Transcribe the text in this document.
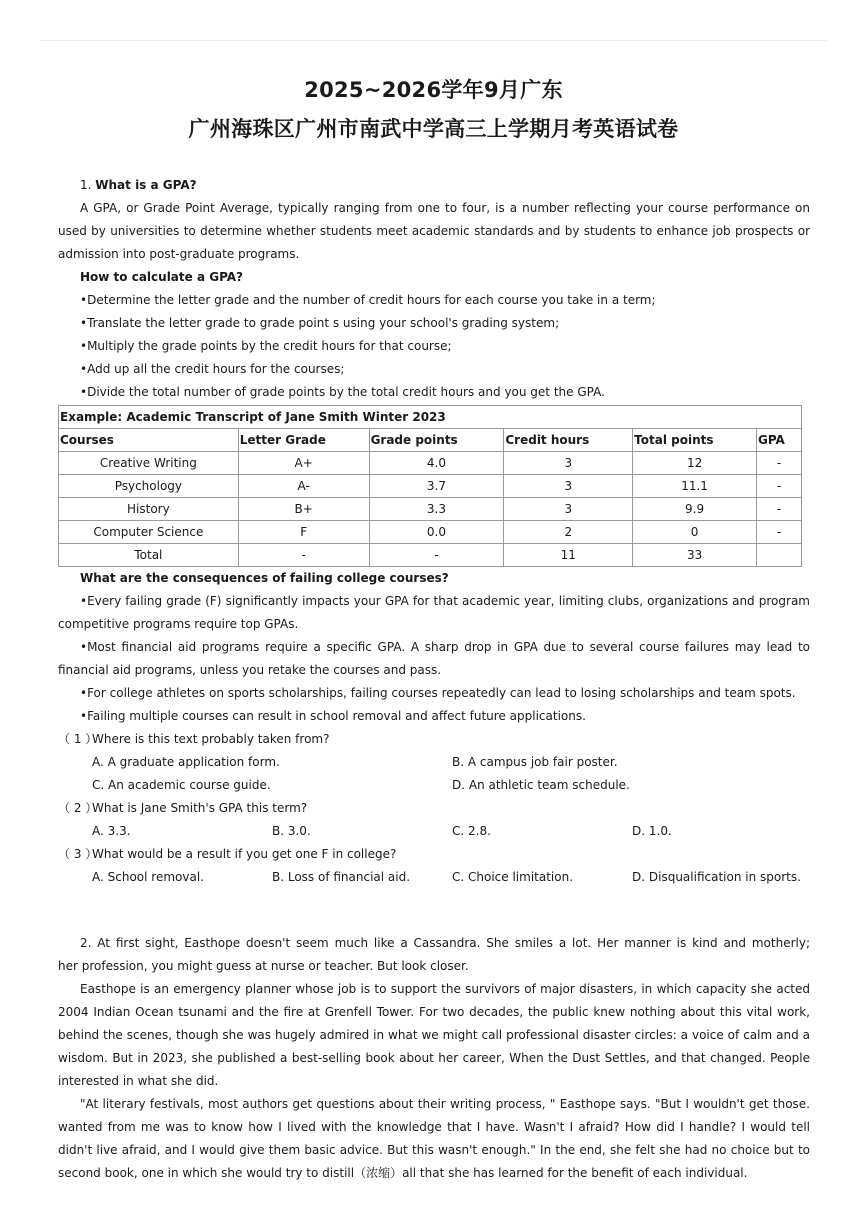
2025~2026学年9月广东
广州海珠区广州市南武中学高三上学期月考英语试卷
1. What is a GPA?
A GPA, or Grade Point Average, typically ranging from one to four, is a number reflecting your course performance on
used by universities to determine whether students meet academic standards and by students to enhance job prospects or
admission into post-graduate programs.
How to calculate a GPA?
•Determine the letter grade and the number of credit hours for each course you take in a term;
•Translate the letter grade to grade point s using your school's grading system;
•Multiply the grade points by the credit hours for that course;
•Add up all the credit hours for the courses;
•Divide the total number of grade points by the total credit hours and you get the GPA.
Example: Academic Transcript of Jane Smith Winter 2023					
Courses	Letter Grade	Grade points	Credit hours	Total points	GPA
Creative Writing	A+	4.0	3	12	-
Psychology	A-	3.7	3	11.1	-
History	B+	3.3	3	9.9	-
Computer Science	F	0.0	2	0	-
Total	-	-	11	33	
What are the consequences of failing college courses?
•Every failing grade (F) significantly impacts your GPA for that academic year, limiting clubs, organizations and program
competitive programs require top GPAs.
•Most financial aid programs require a specific GPA. A sharp drop in GPA due to several course failures may lead to
financial aid programs, unless you retake the courses and pass.
•For college athletes on sports scholarships, failing courses repeatedly can lead to losing scholarships and team spots.
•Failing multiple courses can result in school removal and affect future applications.
（ 1 ）
Where is this text probably taken from?
A. A graduate application form.	B. A campus job fair poster.
C. An academic course guide.	D. An athletic team schedule.
（ 2 ）
What is Jane Smith's GPA this term?
A. 3.3.	B. 3.0.	C. 2.8.	D. 1.0.
（ 3 ）
What would be a result if you get one F in college?
A. School removal.	B. Loss of financial aid.	C. Choice limitation.	D. Disqualification in sports.
2. At first sight, Easthope doesn't seem much like a Cassandra. She smiles a lot. Her manner is kind and motherly;
her profession, you might guess at nurse or teacher. But look closer.
Easthope is an emergency planner whose job is to support the survivors of major disasters, in which capacity she acted
2004 Indian Ocean tsunami and the fire at Grenfell Tower. For two decades, the public knew nothing about this vital work,
behind the scenes, though she was hugely admired in what we might call professional disaster circles: a voice of calm and a
wisdom. But in 2023, she published a best-selling book about her career, When the Dust Settles, and that changed. People
interested in what she did.
"At literary festivals, most authors get questions about their writing process, " Easthope says. "But I wouldn't get those.
wanted from me was to know how I lived with the knowledge that I have. Wasn't I afraid? How did I handle? I would tell
didn't live afraid, and I would give them basic advice. But this wasn't enough." In the end, she felt she had no choice but to
second book, one in which she would try to distill（浓缩）all that she has learned for the benefit of each individual.
